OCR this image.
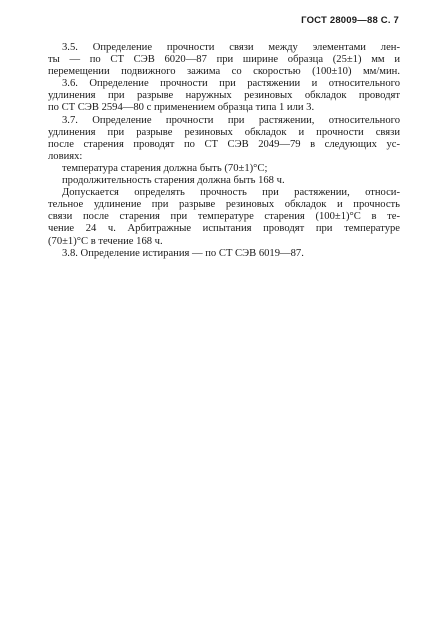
ГОСТ 28009—88 С. 7
3.5. Определение прочности связи между элементами лен-
ты — по СТ СЭВ 6020—87 при ширине образца (25±1) мм и
перемещении подвижного зажима со скоростью (100±10) мм/мин.
3.6. Определение прочности при растяжении и относительного
удлинения при разрыве наружных резиновых обкладок проводят
по СТ СЭВ 2594—80 с применением образца типа 1 или 3.
3.7. Определение прочности при растяжении, относительного
удлинения при разрыве резиновых обкладок и прочности связи
после старения проводят по СТ СЭВ 2049—79 в следующих ус-
ловиях:
температура старения должна быть (70±1)°С;
продолжительность старения должна быть 168 ч.
Допускается определять прочность при растяжении, относи-
тельное удлинение при разрыве резиновых обкладок и прочность
связи после старения при температуре старения (100±1)°С в те-
чение 24 ч. Арбитражные испытания проводят при температуре
(70±1)°С в течение 168 ч.
3.8. Определение истирания — по СТ СЭВ 6019—87.
